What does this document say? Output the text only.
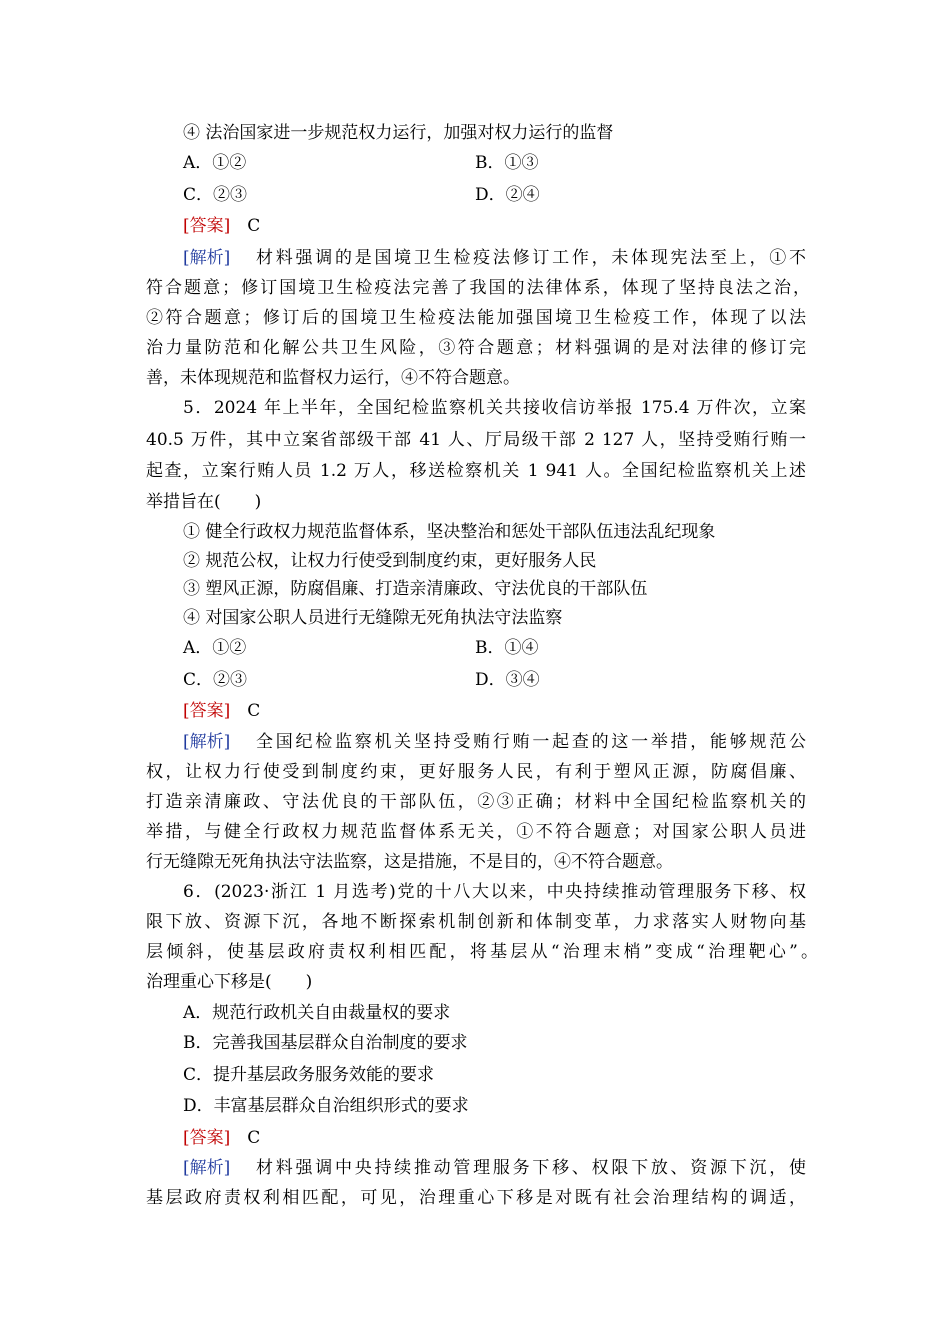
④ 法治国家进一步规范权力运行，加强对权力运行的监督
A．①②	B．①③
C．②③	D．②④
[答案]　 C
[解析] 材料强调的是国境卫生检疫法修订工作，未体现宪法至上，①不
符合题意；修订国境卫生检疫法完善了我国的法律体系，体现了坚持良法之治，
②符合题意；修订后的国境卫生检疫法能加强国境卫生检疫工作，体现了以法
治力量防范和化解公共卫生风险，③符合题意；材料强调的是对法律的修订完
善，未体现规范和监督权力运行，④不符合题意。
5．2024 年上半年，全国纪检监察机关共接收信访举报 175.4 万件次，立案
40.5 万件，其中立案省部级干部 41 人、厅局级干部 2 127 人，坚持受贿行贿一
起查，立案行贿人员 1.2 万人，移送检察机关 1 941 人。全国纪检监察机关上述
举措旨在(　　)
① 健全行政权力规范监督体系，坚决整治和惩处干部队伍违法乱纪现象
② 规范公权，让权力行使受到制度约束，更好服务人民
③ 塑风正源，防腐倡廉、打造亲清廉政、守法优良的干部队伍
④ 对国家公职人员进行无缝隙无死角执法守法监察
A．①②	B．①④
C．②③	D．③④
[答案]　 C
[解析] 全国纪检监察机关坚持受贿行贿一起查的这一举措，能够规范公
权，让权力行使受到制度约束，更好服务人民，有利于塑风正源，防腐倡廉、
打造亲清廉政、守法优良的干部队伍，②③正确；材料中全国纪检监察机关的
举措，与健全行政权力规范监督体系无关，①不符合题意；对国家公职人员进
行无缝隙无死角执法守法监察，这是措施，不是目的，④不符合题意。
6．(2023·浙江 1 月选考)党的十八大以来，中央持续推动管理服务下移、权
限下放、资源下沉，各地不断探索机制创新和体制变革，力求落实人财物向基
层倾斜，使基层政府责权利相匹配，将基层从“治理末梢”变成“治理靶心”。
治理重心下移是(　　)
A．规范行政机关自由裁量权的要求
B．完善我国基层群众自治制度的要求
C．提升基层政务服务效能的要求
D．丰富基层群众自治组织形式的要求
[答案]　 C
[解析] 材料强调中央持续推动管理服务下移、权限下放、资源下沉，使
基层政府责权利相匹配，可见，治理重心下移是对既有社会治理结构的调适，
